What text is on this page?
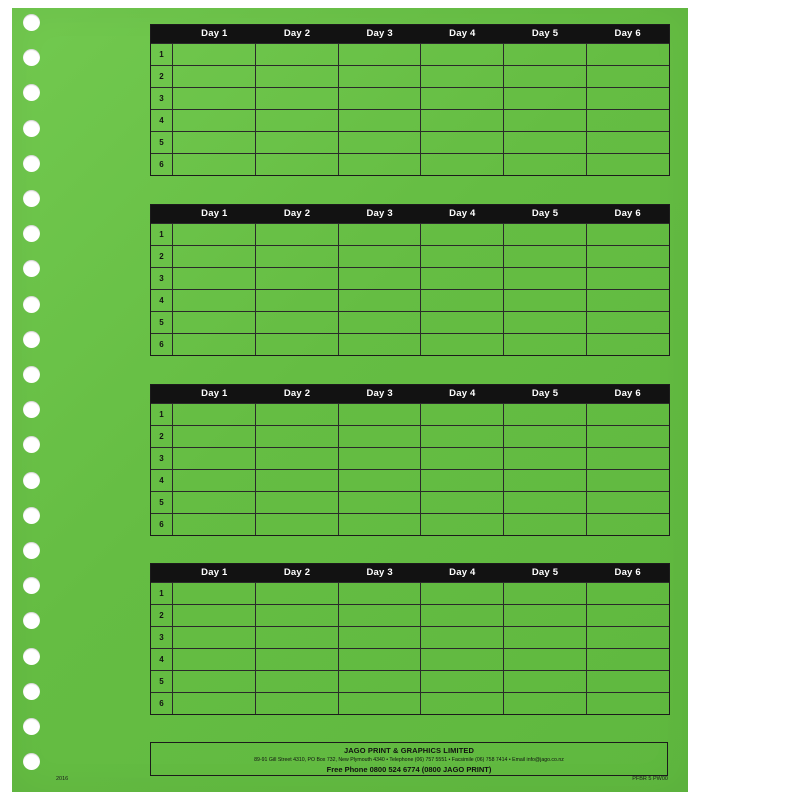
Day 1	Day 2	Day 3	Day 4	Day 5	Day 6
1
2
3
4
5
6
Day 1	Day 2	Day 3	Day 4	Day 5	Day 6
1
2
3
4
5
6
Day 1	Day 2	Day 3	Day 4	Day 5	Day 6
1
2
3
4
5
6
Day 1	Day 2	Day 3	Day 4	Day 5	Day 6
1
2
3
4
5
6
JAGO PRINT & GRAPHICS LIMITED
89-91 Gill Street 4310, PO Box 732, New Plymouth 4340 • Telephone (06) 757 5551 • Facsimile (06) 758 7414 • Email info@jago.co.nz
Free Phone 0800 524 6774 (0800 JAGO PRINT)
2016	PFBR 5 PW00
